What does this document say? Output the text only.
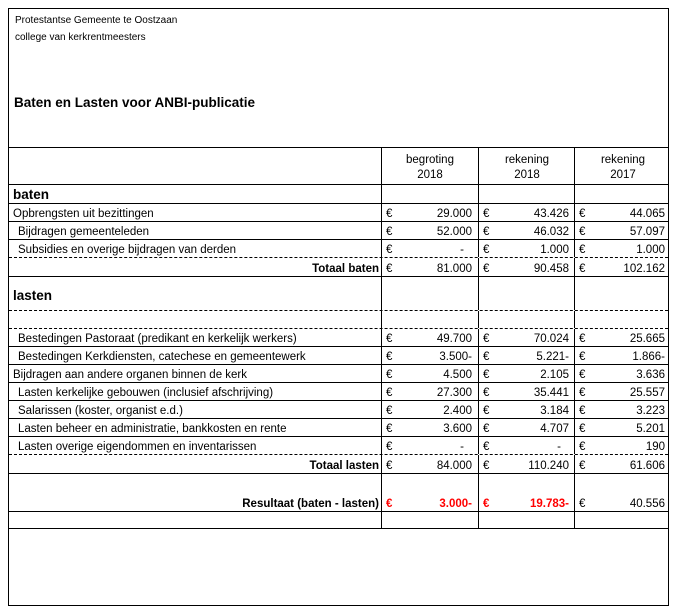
Protestantse Gemeente te Oostzaan
college van kerkrentmeesters
Baten en Lasten voor ANBI-publicatie
begroting
2018
rekening
2018
rekening
2017
baten
Opbrengsten uit bezittingen	€	29.000 €	43.426 €	44.065
Bijdragen gemeenteleden	€	52.000 €	46.032 €	57.097
Subsidies en overige bijdragen van derden	€	- €	1.000 €	1.000
Totaal baten €	81.000 €	90.458 €	102.162
lasten
Bestedingen Pastoraat (predikant en kerkelijk werkers)	€	49.700 €	70.024 €	25.665
Bestedingen Kerkdiensten, catechese en gemeentewerk	€	3.500- €	5.221- €	1.866-
Bijdragen aan andere organen binnen de kerk	€	4.500 €	2.105 €	3.636
Lasten kerkelijke gebouwen (inclusief afschrijving)	€	27.300 €	35.441 €	25.557
Salarissen (koster, organist e.d.)	€	2.400 €	3.184 €	3.223
Lasten beheer en administratie, bankkosten en rente	€	3.600 €	4.707 €	5.201
Lasten overige eigendommen en inventarissen	€	- €	- €	190
Totaal lasten €	84.000 €	110.240 €	61.606
Resultaat (baten - lasten) €	3.000- €	19.783- €	40.556
